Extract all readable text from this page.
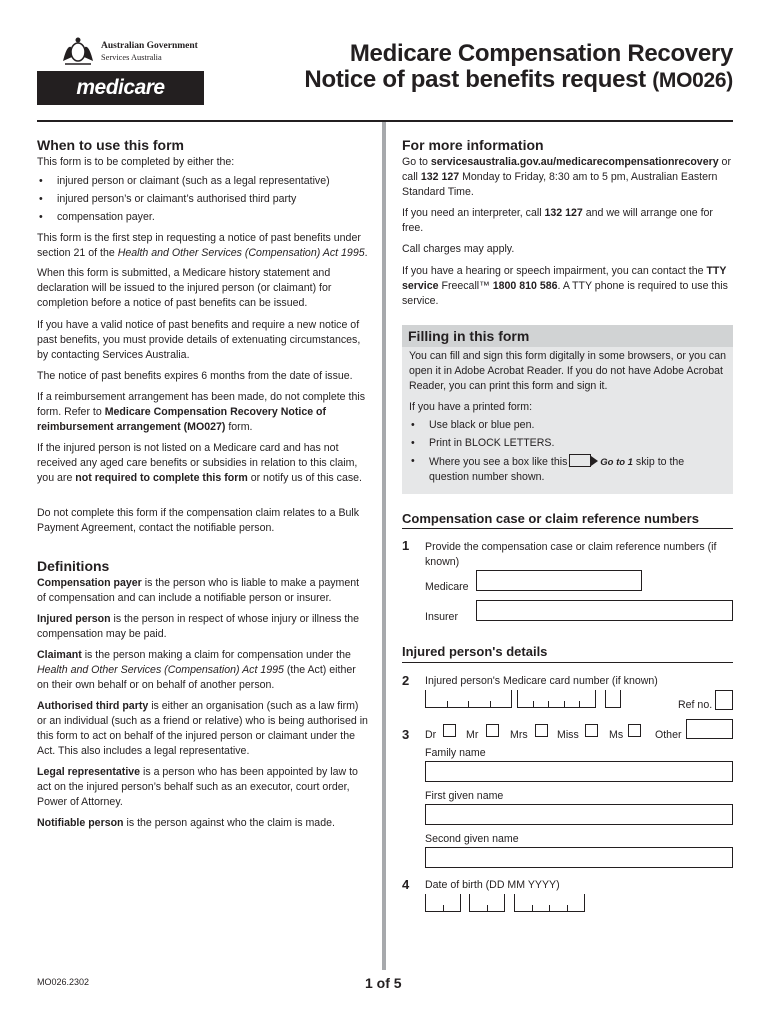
Australian Government
Services Australia
medicare
Medicare Compensation Recovery
Notice of past benefits request (MO026)
When to use this form
This form is to be completed by either the:
• injured person or claimant (such as a legal representative)
• injured person’s or claimant’s authorised third party
• compensation payer.
This form is the first step in requesting a notice of past benefits under section 21 of the Health and Other Services (Compensation) Act 1995.
When this form is submitted, a Medicare history statement and declaration will be issued to the injured person (or claimant) for completion before a notice of past benefits can be issued.
If you have a valid notice of past benefits and require a new notice of past benefits, you must provide details of extenuating circumstances, by contacting Services Australia.
The notice of past benefits expires 6 months from the date of issue.
If a reimbursement arrangement has been made, do not complete this form. Refer to Medicare Compensation Recovery Notice of reimbursement arrangement (MO027) form.
If the injured person is not listed on a Medicare card and has not received any aged care benefits or subsidies in relation to this claim, you are not required to complete this form or notify us of this case.
Do not complete this form if the compensation claim relates to a Bulk Payment Agreement, contact the notifiable person.
Definitions
Compensation payer is the person who is liable to make a payment of compensation and can include a notifiable person or insurer.
Injured person is the person in respect of whose injury or illness the compensation may be paid.
Claimant is the person making a claim for compensation under the Health and Other Services (Compensation) Act 1995 (the Act) either on their own behalf or on behalf of another person.
Authorised third party is either an organisation (such as a law firm) or an individual (such as a friend or relative) who is being authorised in this form to act on behalf of the injured person or claimant under the Act. This also includes a legal representative.
Legal representative is a person who has been appointed by law to act on the injured person’s behalf such as an executor, court order, Power of Attorney.
Notifiable person is the person against who the claim is made.
For more information
Go to servicesaustralia.gov.au/medicarecompensationrecovery or call 132 127 Monday to Friday, 8:30 am to 5 pm, Australian Eastern Standard Time.
If you need an interpreter, call 132 127 and we will arrange one for free.
Call charges may apply.
If you have a hearing or speech impairment, you can contact the TTY service Freecall™ 1800 810 586. A TTY phone is required to use this service.
Filling in this form
You can fill and sign this form digitally in some browsers, or you can open it in Adobe Acrobat Reader. If you do not have Adobe Acrobat Reader, you can print this form and sign it.
If you have a printed form:
• Use black or blue pen.
• Print in BLOCK LETTERS.
• Where you see a box like this	Go to 1 skip to the question number shown.
Compensation case or claim reference numbers
1 Provide the compensation case or claim reference numbers (if known)
Medicare
Insurer
Injured person's details
2 Injured person's Medicare card number (if known)
Ref no.
3 Dr	Mr	Mrs	Miss	Ms	Other
Family name
First given name
Second given name
4 Date of birth (DD MM YYYY)
MO026.2302	1 of 5
